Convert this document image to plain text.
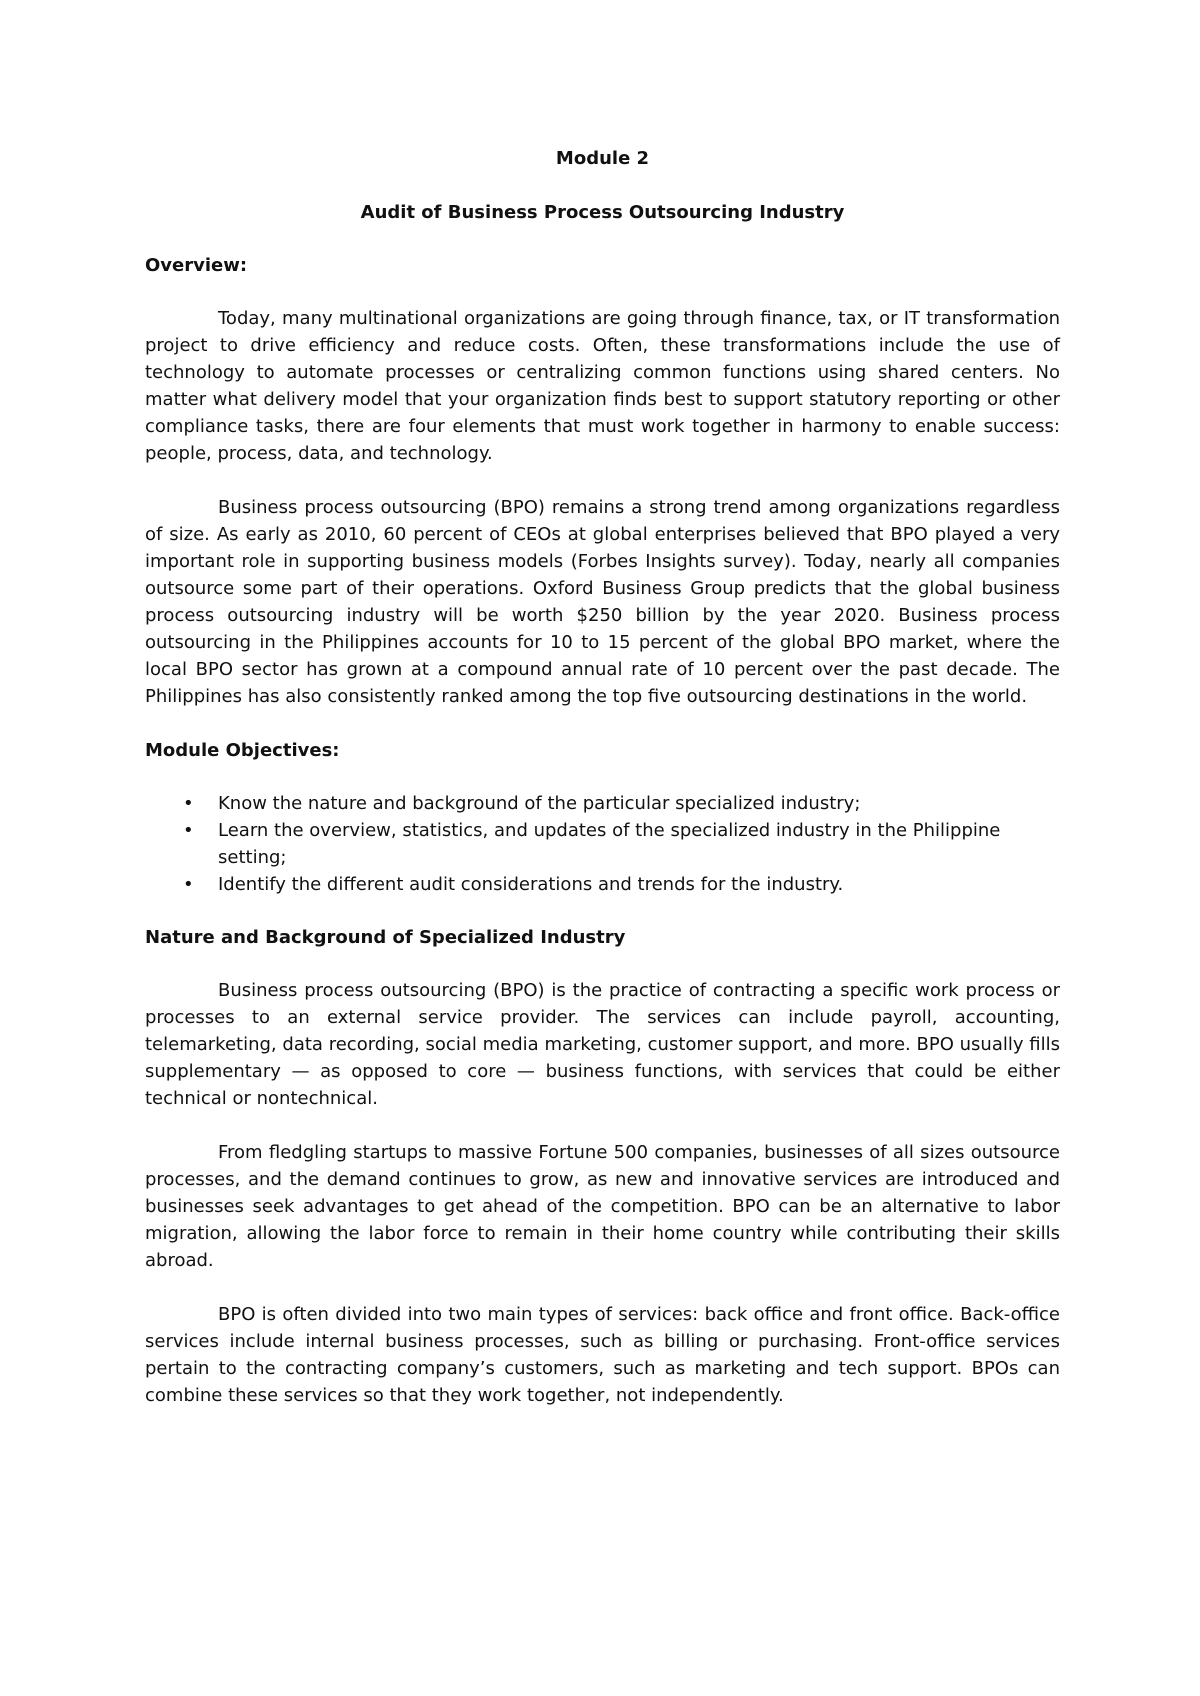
Module 2

Audit of Business Process Outsourcing Industry

Overview:

Today, many multinational organizations are going through finance, tax, or IT transformation project to drive efficiency and reduce costs. Often, these transformations include the use of technology to automate processes or centralizing common functions using shared centers. No matter what delivery model that your organization finds best to support statutory reporting or other compliance tasks, there are four elements that must work together in harmony to enable success: people, process, data, and technology.

Business process outsourcing (BPO) remains a strong trend among organizations regardless of size. As early as 2010, 60 percent of CEOs at global enterprises believed that BPO played a very important role in supporting business models (Forbes Insights survey). Today, nearly all companies outsource some part of their operations. Oxford Business Group predicts that the global business process outsourcing industry will be worth $250 billion by the year 2020. Business process outsourcing in the Philippines accounts for 10 to 15 percent of the global BPO market, where the local BPO sector has grown at a compound annual rate of 10 percent over the past decade. The Philippines has also consistently ranked among the top five outsourcing destinations in the world.

Module Objectives:

• Know the nature and background of the particular specialized industry;
• Learn the overview, statistics, and updates of the specialized industry in the Philippine setting;
• Identify the different audit considerations and trends for the industry.

Nature and Background of Specialized Industry

Business process outsourcing (BPO) is the practice of contracting a specific work process or processes to an external service provider. The services can include payroll, accounting, telemarketing, data recording, social media marketing, customer support, and more. BPO usually fills supplementary — as opposed to core — business functions, with services that could be either technical or nontechnical.

From fledgling startups to massive Fortune 500 companies, businesses of all sizes outsource processes, and the demand continues to grow, as new and innovative services are introduced and businesses seek advantages to get ahead of the competition. BPO can be an alternative to labor migration, allowing the labor force to remain in their home country while contributing their skills abroad.

BPO is often divided into two main types of services: back office and front office. Back-office services include internal business processes, such as billing or purchasing. Front-office services pertain to the contracting company’s customers, such as marketing and tech support. BPOs can combine these services so that they work together, not independently.
